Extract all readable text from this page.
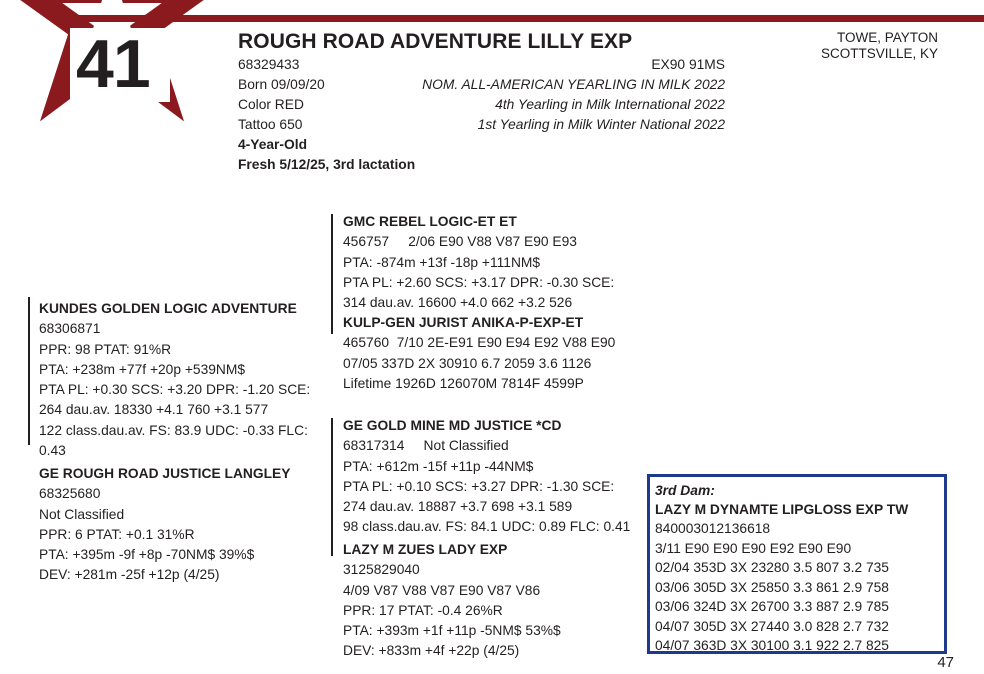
41	ROUGH ROAD ADVENTURE LILLY EXP
68329433
Born 09/09/20
Color RED
Tattoo 650
4-Year-Old
Fresh 5/12/25, 3rd lactation
EX90 91MS
NOM. ALL-AMERICAN YEARLING IN MILK 2022
4th Yearling in Milk International 2022
1st Yearling in Milk Winter National 2022
TOWE, PAYTON
SCOTTSVILLE, KY
GMC REBEL LOGIC-ET ET
456757     2/06 E90 V88 V87 E90 E93
PTA: -874m +13f -18p +111NM$
PTA PL: +2.60 SCS: +3.17 DPR: -0.30 SCE:
314 dau.av. 16600 +4.0 662 +3.2 526
KULP-GEN JURIST ANIKA-P-EXP-ET
465760  7/10 2E-E91 E90 E94 E92 V88 E90
07/05 337D 2X 30910 6.7 2059 3.6 1126
Lifetime 1926D 126070M 7814F 4599P
KUNDES GOLDEN LOGIC ADVENTURE
68306871
PPR: 98 PTAT: 91%R
PTA: +238m +77f +20p +539NM$
PTA PL: +0.30 SCS: +3.20 DPR: -1.20 SCE:
264 dau.av. 18330 +4.1 760 +3.1 577
122 class.dau.av. FS: 83.9 UDC: -0.33 FLC:
0.43
GE ROUGH ROAD JUSTICE LANGLEY
68325680
Not Classified
PPR: 6 PTAT: +0.1 31%R
PTA: +395m -9f +8p -70NM$ 39%$
DEV: +281m -25f +12p (4/25)
GE GOLD MINE MD JUSTICE *CD
68317314     Not Classified
PTA: +612m -15f +11p -44NM$
PTA PL: +0.10 SCS: +3.27 DPR: -1.30 SCE:
274 dau.av. 18887 +3.7 698 +3.1 589
98 class.dau.av. FS: 84.1 UDC: 0.89 FLC: 0.41
LAZY M ZUES LADY EXP
3125829040
4/09 V87 V88 V87 E90 V87 V86
PPR: 17 PTAT: -0.4 26%R
PTA: +393m +1f +11p -5NM$ 53%$
DEV: +833m +4f +22p (4/25)
3rd Dam:
LAZY M DYNAMTE LIPGLOSS EXP TW
840003012136618
3/11 E90 E90 E90 E92 E90 E90
02/04 353D 3X 23280 3.5 807 3.2 735
03/06 305D 3X 25850 3.3 861 2.9 758
03/06 324D 3X 26700 3.3 887 2.9 785
04/07 305D 3X 27440 3.0 828 2.7 732
04/07 363D 3X 30100 3.1 922 2.7 825
47
